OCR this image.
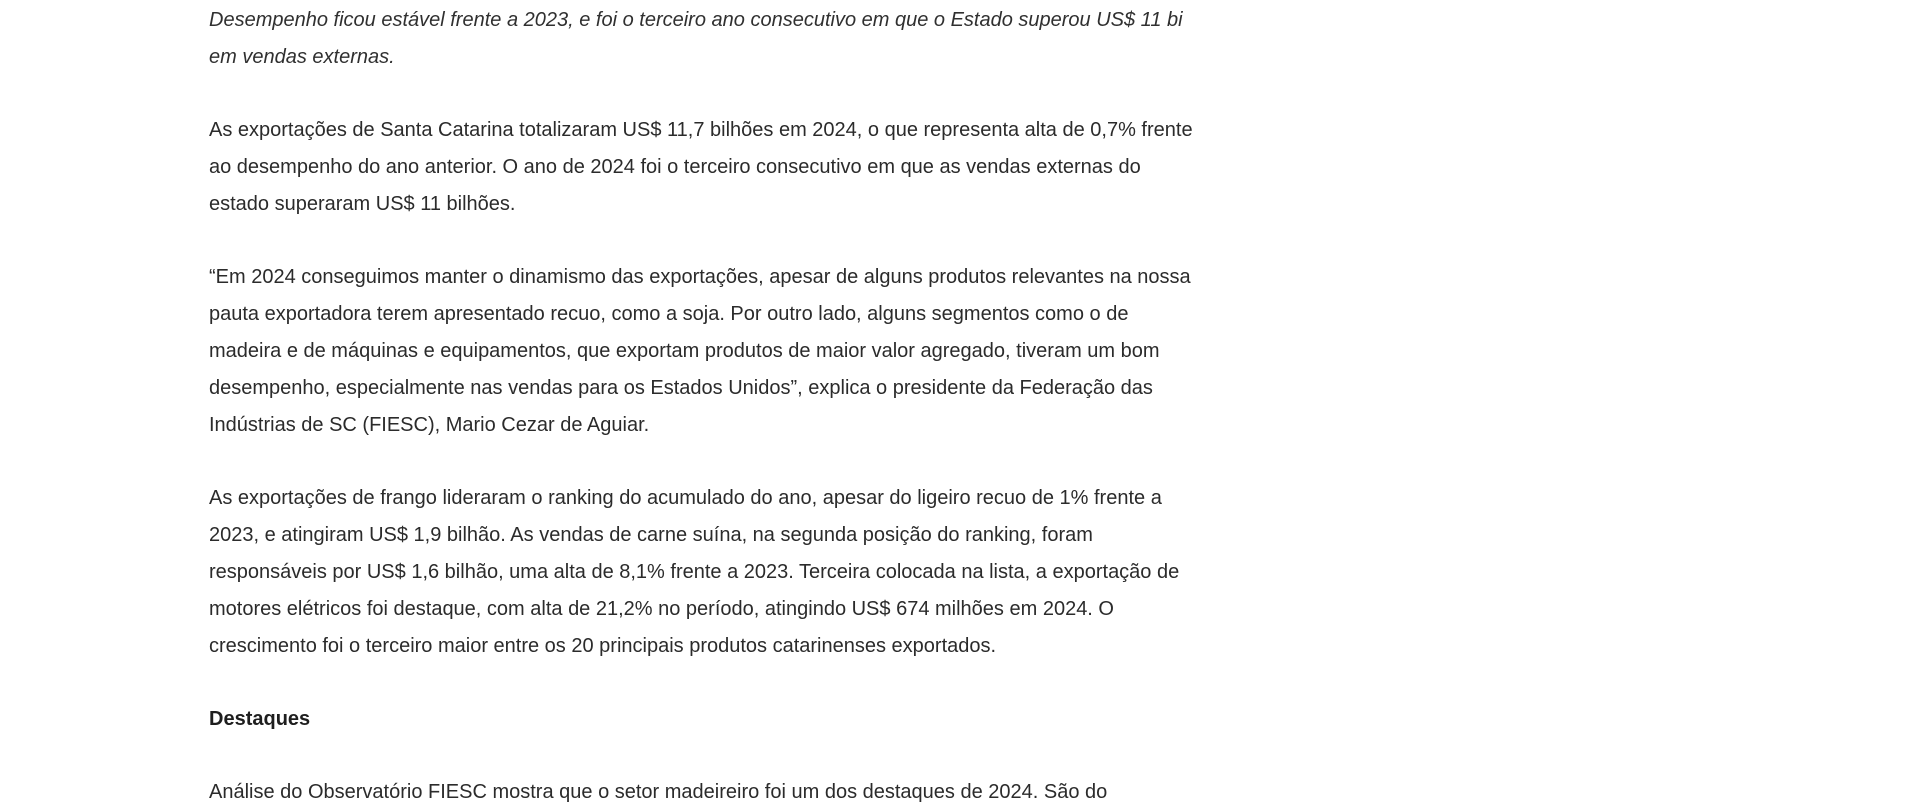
Desempenho ficou estável frente a 2023, e foi o terceiro ano consecutivo em que o Estado superou US$ 11 bi em vendas externas.

As exportações de Santa Catarina totalizaram US$ 11,7 bilhões em 2024, o que representa alta de 0,7% frente ao desempenho do ano anterior. O ano de 2024 foi o terceiro consecutivo em que as vendas externas do estado superaram US$ 11 bilhões.

“Em 2024 conseguimos manter o dinamismo das exportações, apesar de alguns produtos relevantes na nossa pauta exportadora terem apresentado recuo, como a soja. Por outro lado, alguns segmentos como o de madeira e de máquinas e equipamentos, que exportam produtos de maior valor agregado, tiveram um bom desempenho, especialmente nas vendas para os Estados Unidos”, explica o presidente da Federação das Indústrias de SC (FIESC), Mario Cezar de Aguiar.

As exportações de frango lideraram o ranking do acumulado do ano, apesar do ligeiro recuo de 1% frente a 2023, e atingiram US$ 1,9 bilhão. As vendas de carne suína, na segunda posição do ranking, foram responsáveis por US$ 1,6 bilhão, uma alta de 8,1% frente a 2023. Terceira colocada na lista, a exportação de motores elétricos foi destaque, com alta de 21,2% no período, atingindo US$ 674 milhões em 2024. O crescimento foi o terceiro maior entre os 20 principais produtos catarinenses exportados.

Destaques

Análise do Observatório FIESC mostra que o setor madeireiro foi um dos destaques de 2024. São do
